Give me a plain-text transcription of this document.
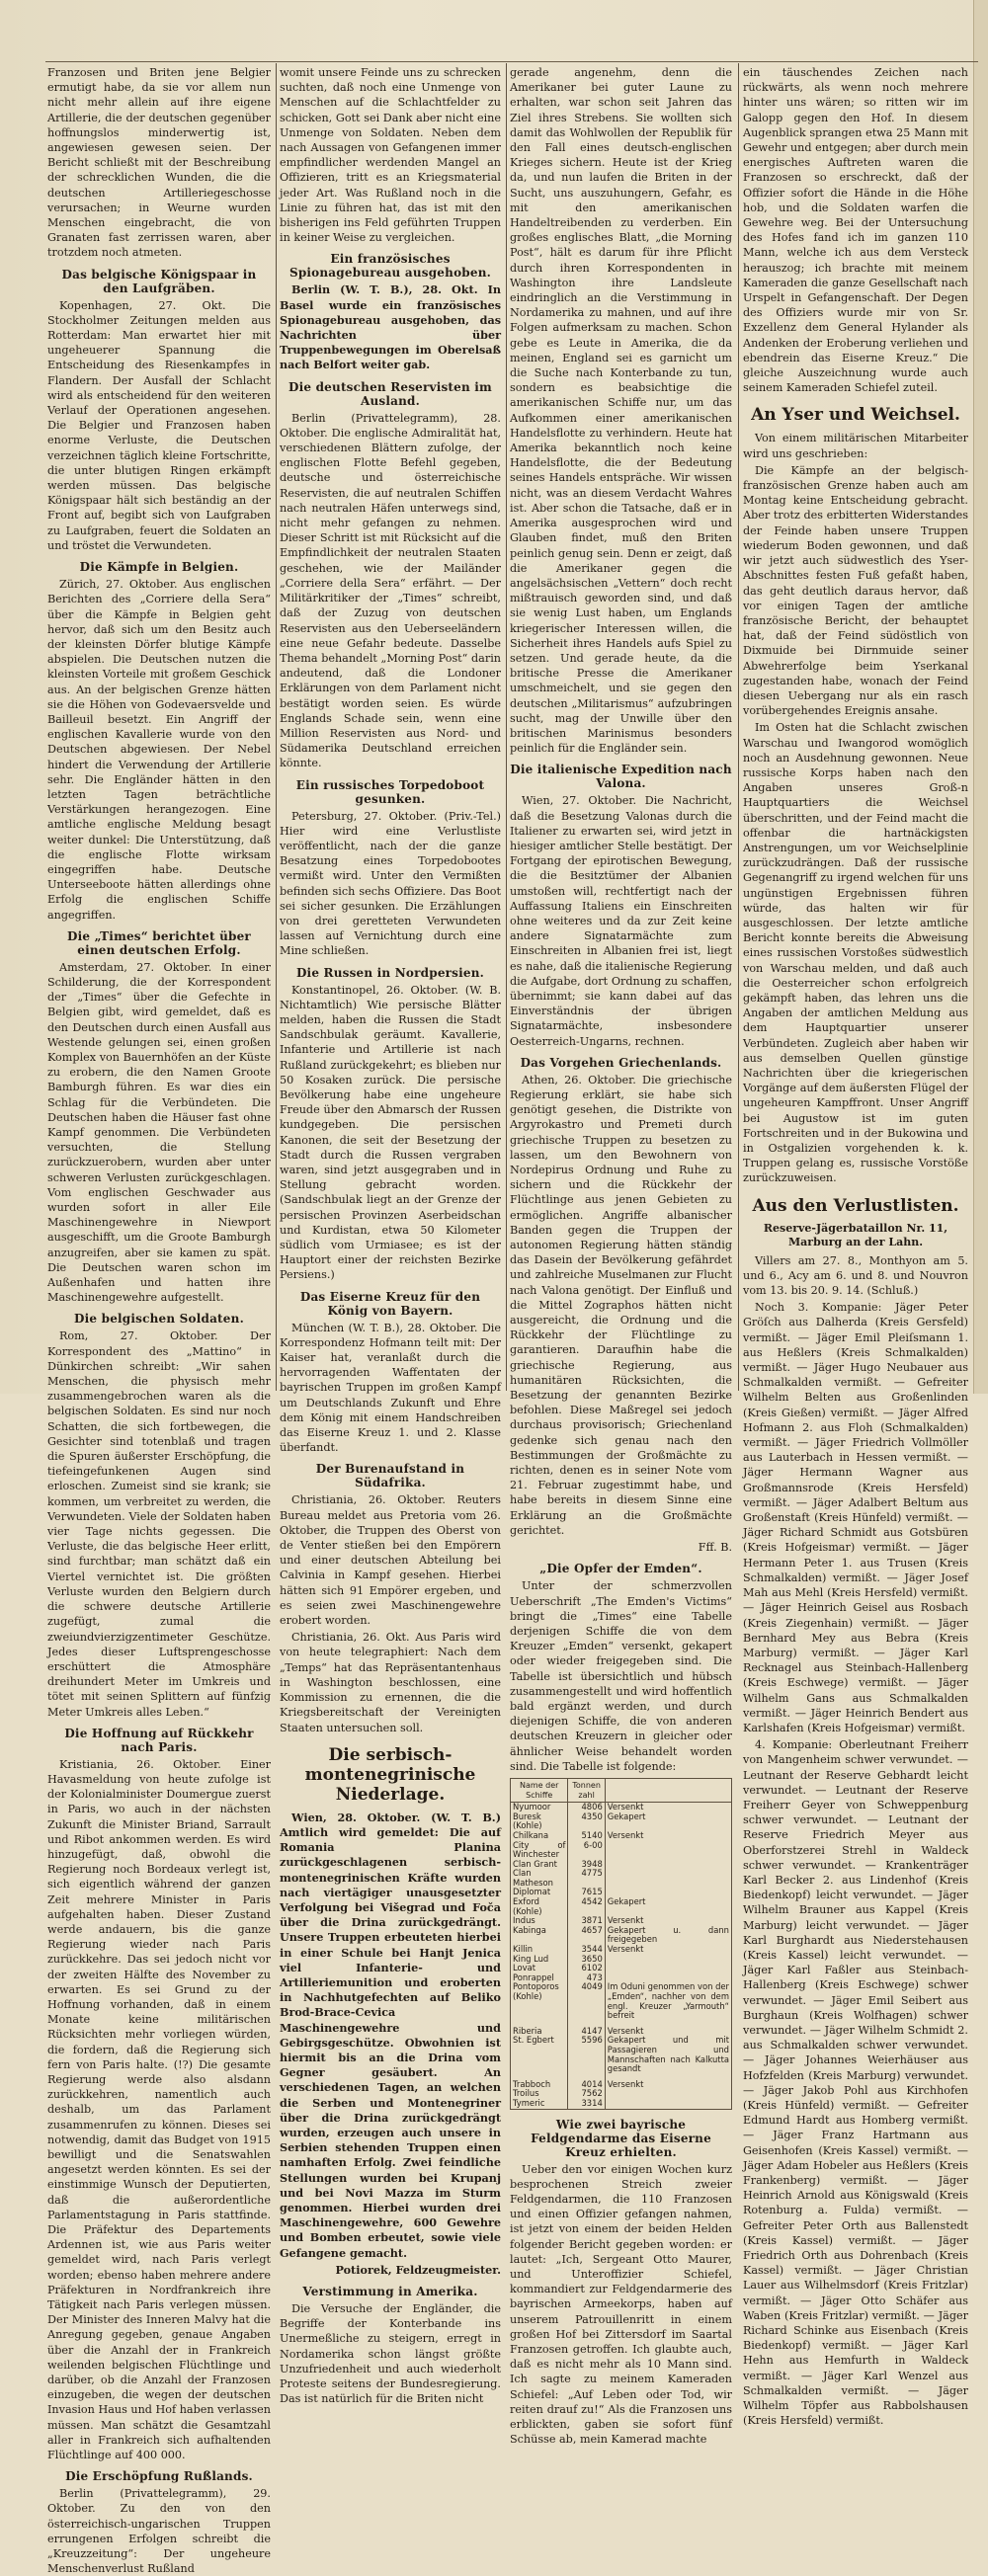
Franzosen und Briten jene Belgier ermutigt habe, da sie vor allem nun nicht mehr allein auf ihre eigene Artillerie, die der deutschen gegenüber hoffnungslos minderwertig ist, angewiesen gewesen seien. Der Bericht schließt mit der Beschreibung der schrecklichen Wunden, die die deutschen Artilleriegeschosse verursachen; in Weurne wurden Menschen eingebracht, die von Granaten fast zerrissen waren, aber trotzdem noch atmeten.

Das belgische Königspaar in den Laufgräben.

Kopenhagen, 27. Okt. Die Stockholmer Zeitungen melden aus Rotterdam: Man erwartet hier mit ungeheuerer Spannung die Entscheidung des Riesenkampfes in Flandern. Der Ausfall der Schlacht wird als entscheidend für den weiteren Verlauf der Operationen angesehen. Die Belgier und Franzosen haben enorme Verluste, die Deutschen verzeichnen täglich kleine Fortschritte, die unter blutigen Ringen erkämpft werden müssen. Das belgische Königspaar hält sich beständig an der Front auf, begibt sich von Laufgraben zu Laufgraben, feuert die Soldaten an und tröstet die Verwundeten.

Die Kämpfe in Belgien.

Zürich, 27. Oktober. Aus englischen Berichten des „Corriere della Sera“ über die Kämpfe in Belgien geht hervor, daß sich um den Besitz auch der kleinsten Dörfer blutige Kämpfe abspielen. Die Deutschen nutzen die kleinsten Vorteile mit großem Geschick aus. An der belgischen Grenze hätten sie die Höhen von Godevaersvelde und Bailleuil besetzt. Ein Angriff der englischen Kavallerie wurde von den Deutschen abgewiesen. Der Nebel hindert die Verwendung der Artillerie sehr. Die Engländer hätten in den letzten Tagen beträchtliche Verstärkungen herangezogen. Eine amtliche englische Meldung besagt weiter dunkel: Die Unterstützung, daß die englische Flotte wirksam eingegriffen habe. Deutsche Unterseeboote hätten allerdings ohne Erfolg die englischen Schiffe angegriffen.

Die „Times“ berichtet über einen deutschen Erfolg.

Amsterdam, 27. Oktober. In einer Schilderung, die der Korrespondent der „Times“ über die Gefechte in Belgien gibt, wird gemeldet, daß es den Deutschen durch einen Ausfall aus Westende gelungen sei, einen großen Komplex von Bauernhöfen an der Küste zu erobern, die den Namen Groote Bamburgh führen. Es war dies ein Schlag für die Verbündeten. Die Deutschen haben die Häuser fast ohne Kampf genommen. Die Verbündeten versuchten, die Stellung zurückzuerobern, wurden aber unter schweren Verlusten zurückgeschlagen. Vom englischen Geschwader aus wurden sofort in aller Eile Maschinengewehre in Niewport ausgeschifft, um die Groote Bamburgh anzugreifen, aber sie kamen zu spät. Die Deutschen waren schon im Außenhafen und hatten ihre Maschinengewehre aufgestellt.

Die belgischen Soldaten.

Rom, 27. Oktober. Der Korrespondent des „Mattino“ in Dünkirchen schreibt: „Wir sahen Menschen, die physisch mehr zusammengebrochen waren als die belgischen Soldaten. Es sind nur noch Schatten, die sich fortbewegen, die Gesichter sind totenblaß und tragen die Spuren äußerster Erschöpfung, die tiefeingefunkenen Augen sind erloschen. Zumeist sind sie krank; sie kommen, um verbreitet zu werden, die Verwundeten. Viele der Soldaten haben vier Tage nichts gegessen. Die Verluste, die das belgische Heer erlitt, sind furchtbar; man schätzt daß ein Viertel vernichtet ist. Die größten Verluste wurden den Belgiern durch die schwere deutsche Artillerie zugefügt, zumal die zweiundvierzigzentimeter Geschütze. Jedes dieser Luftsprengeschosse erschüttert die Atmosphäre dreihundert Meter im Umkreis und tötet mit seinen Splittern auf fünfzig Meter Umkreis alles Leben.“

Die Hoffnung auf Rückkehr nach Paris.

Kristiania, 26. Oktober. Einer Havasmeldung von heute zufolge ist der Kolonialminister Doumergue zuerst in Paris, wo auch in der nächsten Zukunft die Minister Briand, Sarrault und Ribot ankommen werden. Es wird hinzugefügt, daß, obwohl die Regierung noch Bordeaux verlegt ist, sich eigentlich während der ganzen Zeit mehrere Minister in Paris aufgehalten haben. Dieser Zustand werde andauern, bis die ganze Regierung wieder nach Paris zurückkehre. Das sei jedoch nicht vor der zweiten Hälfte des November zu erwarten. Es sei Grund zu der Hoffnung vorhanden, daß in einem Monate keine militärischen Rücksichten mehr vorliegen würden, die fordern, daß die Regierung sich fern von Paris halte. (!?) Die gesamte Regierung werde also alsdann zurückkehren, namentlich auch deshalb, um das Parlament zusammenrufen zu können. Dieses sei notwendig, damit das Budget von 1915 bewilligt und die Senatswahlen angesetzt werden könnten. Es sei der einstimmige Wunsch der Deputierten, daß die außerordentliche Parlamentstagung in Paris stattfinde. Die Präfektur des Departements Ardennen ist, wie aus Paris weiter gemeldet wird, nach Paris verlegt worden; ebenso haben mehrere andere Präfekturen in Nordfrankreich ihre Tätigkeit nach Paris verlegen müssen. Der Minister des Inneren Malvy hat die Anregung gegeben, genaue Angaben über die Anzahl der in Frankreich weilenden belgischen Flüchtlinge und darüber, ob die Anzahl der Franzosen einzugeben, die wegen der deutschen Invasion Haus und Hof haben verlassen müssen. Man schätzt die Gesamtzahl aller in Frankreich sich aufhaltenden Flüchtlinge auf 400 000.

Die Erschöpfung Rußlands.

Berlin (Privattelegramm), 29. Oktober. Zu den von den österreichisch-ungarischen Truppen errungenen Erfolgen schreibt die „Kreuzzeitung“: Der ungeheure Menschenverlust Rußland

womit unsere Feinde uns zu schrecken suchten, daß noch eine Unmenge von Menschen auf die Schlachtfelder zu schicken, Gott sei Dank aber nicht eine Unmenge von Soldaten. Neben dem nach Aussagen von Gefangenen immer empfindlicher werdenden Mangel an Offizieren, tritt es an Kriegsmaterial jeder Art. Was Rußland noch in die Linie zu führen hat, das ist mit den bisherigen ins Feld geführten Truppen in keiner Weise zu vergleichen.

Ein französisches Spionagebureau ausgehoben.

Berlin (W. T. B.), 28. Okt. In Basel wurde ein französisches Spionagebureau ausgehoben, das Nachrichten über Truppenbewegungen im Oberelsaß nach Belfort weiter gab.

Die deutschen Reservisten im Ausland.

Berlin (Privattelegramm), 28. Oktober. Die englische Admiralität hat, verschiedenen Blättern zufolge, der englischen Flotte Befehl gegeben, deutsche und österreichische Reservisten, die auf neutralen Schiffen nach neutralen Häfen unterwegs sind, nicht mehr gefangen zu nehmen. Dieser Schritt ist mit Rücksicht auf die Empfindlichkeit der neutralen Staaten geschehen, wie der Mailänder „Corriere della Sera“ erfährt. — Der Militärkritiker der „Times“ schreibt, daß der Zuzug von deutschen Reservisten aus den Ueberseeländern eine neue Gefahr bedeute. Dasselbe Thema behandelt „Morning Post“ darin andeutend, daß die Londoner Erklärungen von dem Parlament nicht bestätigt worden seien. Es würde Englands Schade sein, wenn eine Million Reservisten aus Nord- und Südamerika Deutschland erreichen könnte.

Ein russisches Torpedoboot gesunken.

Petersburg, 27. Oktober. (Priv.-Tel.) Hier wird eine Verlustliste veröffentlicht, nach der die ganze Besatzung eines Torpedobootes vermißt wird. Unter den Vermißten befinden sich sechs Offiziere. Das Boot sei sicher gesunken. Die Erzählungen von drei geretteten Verwundeten lassen auf Vernichtung durch eine Mine schließen.

Die Russen in Nordpersien.

Konstantinopel, 26. Oktober. (W. B. Nichtamtlich) Wie persische Blätter melden, haben die Russen die Stadt Sandschbulak geräumt. Kavallerie, Infanterie und Artillerie ist nach Rußland zurückgekehrt; es blieben nur 50 Kosaken zurück. Die persische Bevölkerung habe eine ungeheure Freude über den Abmarsch der Russen kundgegeben. Die persischen Kanonen, die seit der Besetzung der Stadt durch die Russen vergraben waren, sind jetzt ausgegraben und in Stellung gebracht worden. (Sandschbulak liegt an der Grenze der persischen Provinzen Aserbeidschan und Kurdistan, etwa 50 Kilometer südlich vom Urmiasee; es ist der Hauptort einer der reichsten Bezirke Persiens.)

Das Eiserne Kreuz für den König von Bayern.

München (W. T. B.), 28. Oktober. Die Korrespondenz Hofmann teilt mit: Der Kaiser hat, veranlaßt durch die hervorragenden Waffentaten der bayrischen Truppen im großen Kampf um Deutschlands Zukunft und Ehre dem König mit einem Handschreiben das Eiserne Kreuz 1. und 2. Klasse überfandt.

Der Burenaufstand in Südafrika.

Christiania, 26. Oktober. Reuters Bureau meldet aus Pretoria vom 26. Oktober, die Truppen des Oberst von de Venter stießen bei den Empörern und einer deutschen Abteilung bei Calvinia in Kampf gesehen. Hierbei hätten sich 91 Empörer ergeben, und es seien zwei Maschinengewehre erobert worden.

Christiania, 26. Okt. Aus Paris wird von heute telegraphiert: Nach dem „Temps“ hat das Repräsentantenhaus in Washington beschlossen, eine Kommission zu ernennen, die die Kriegsbereitschaft der Vereinigten Staaten untersuchen soll.

Die serbisch-montenegrinische Niederlage.

Wien, 28. Oktober. (W. T. B.) Amtlich wird gemeldet: Die auf Romania Planina zurückgeschlagenen serbisch-montenegrinischen Kräfte wurden nach viertägiger unausgesetzter Verfolgung bei Višegrad und Foča über die Drina zurückgedrängt. Unsere Truppen erbeuteten hierbei in einer Schule bei Hanjt Jenica viel Infanterie- und Artilleriemunition und eroberten in Nachhutgefechten auf Beliko Brod-Brace-Cevica Maschinengewehre und Gebirgsgeschütze. Obwohnien ist hiermit bis an die Drina vom Gegner gesäubert. An verschiedenen Tagen, an welchen die Serben und Montenegriner über die Drina zurückgedrängt wurden, erzeugen auch unsere in Serbien stehenden Truppen einen namhaften Erfolg. Zwei feindliche Stellungen wurden bei Krupanj und bei Novi Mazza im Sturm genommen. Hierbei wurden drei Maschinengewehre, 600 Gewehre und Bomben erbeutet, sowie viele Gefangene gemacht.

Potiorek, Feldzeugmeister.

Verstimmung in Amerika.

Die Versuche der Engländer, die Begriffe der Konterbande ins Unermeßliche zu steigern, erregt in Nordamerika schon längst größte Unzufriedenheit und auch wiederholt Proteste seitens der Bundesregierung. Das ist natürlich für die Briten nicht

gerade angenehm, denn die Amerikaner bei guter Laune zu erhalten, war schon seit Jahren das Ziel ihres Strebens. Sie wollten sich damit das Wohlwollen der Republik für den Fall eines deutsch-englischen Krieges sichern. Heute ist der Krieg da, und nun laufen die Briten in der Sucht, uns auszuhungern, Gefahr, es mit den amerikanischen Handeltreibenden zu verderben. Ein großes englisches Blatt, „die Morning Post“, hält es darum für ihre Pflicht durch ihren Korrespondenten in Washington ihre Landsleute eindringlich an die Verstimmung in Nordamerika zu mahnen, und auf ihre Folgen aufmerksam zu machen. Schon gebe es Leute in Amerika, die da meinen, England sei es garnicht um die Suche nach Konterbande zu tun, sondern es beabsichtige die amerikanischen Schiffe nur, um das Aufkommen einer amerikanischen Handelsflotte zu verhindern. Heute hat Amerika bekanntlich noch keine Handelsflotte, die der Bedeutung seines Handels entspräche. Wir wissen nicht, was an diesem Verdacht Wahres ist. Aber schon die Tatsache, daß er in Amerika ausgesprochen wird und Glauben findet, muß den Briten peinlich genug sein. Denn er zeigt, daß die Amerikaner gegen die angelsächsischen „Vettern“ doch recht mißtrauisch geworden sind, und daß sie wenig Lust haben, um Englands kriegerischer Interessen willen, die Sicherheit ihres Handels aufs Spiel zu setzen. Und gerade heute, da die britische Presse die Amerikaner umschmeichelt, und sie gegen den deutschen „Militarismus“ aufzubringen sucht, mag der Unwille über den britischen Marinismus besonders peinlich für die Engländer sein.

Die italienische Expedition nach Valona.

Wien, 27. Oktober. Die Nachricht, daß die Besetzung Valonas durch die Italiener zu erwarten sei, wird jetzt in hiesiger amtlicher Stelle bestätigt. Der Fortgang der epirotischen Bewegung, die die Besitztümer der Albanien umstoßen will, rechtfertigt nach der Auffassung Italiens ein Einschreiten ohne weiteres und da zur Zeit keine andere Signatarmächte zum Einschreiten in Albanien frei ist, liegt es nahe, daß die italienische Regierung die Aufgabe, dort Ordnung zu schaffen, übernimmt; sie kann dabei auf das Einverständnis der übrigen Signatarmächte, insbesondere Oesterreich-Ungarns, rechnen.

Das Vorgehen Griechenlands.

Athen, 26. Oktober. Die griechische Regierung erklärt, sie habe sich genötigt gesehen, die Distrikte von Argyrokastro und Premeti durch griechische Truppen zu besetzen zu lassen, um den Bewohnern von Nordepirus Ordnung und Ruhe zu sichern und die Rückkehr der Flüchtlinge aus jenen Gebieten zu ermöglichen. Angriffe albanischer Banden gegen die Truppen der autonomen Regierung hätten ständig das Dasein der Bevölkerung gefährdet und zahlreiche Muselmanen zur Flucht nach Valona genötigt. Der Einfluß und die Mittel Zographos hätten nicht ausgereicht, die Ordnung und die Rückkehr der Flüchtlinge zu garantieren. Daraufhin habe die griechische Regierung, aus humanitären Rücksichten, die Besetzung der genannten Bezirke befohlen. Diese Maßregel sei jedoch durchaus provisorisch; Griechenland gedenke sich genau nach den Bestimmungen der Großmächte zu richten, denen es in seiner Note vom 21. Februar zugestimmt habe, und habe bereits in diesem Sinne eine Erklärung an die Großmächte gerichtet.

Fff. B.

„Die Opfer der Emden“.

Unter der schmerzvollen Ueberschrift „The Emden's Victims“ bringt die „Times“ eine Tabelle derjenigen Schiffe die von dem Kreuzer „Emden“ versenkt, gekapert oder wieder freigegeben sind. Die Tabelle ist übersichtlich und hübsch zusammengestellt und wird hoffentlich bald ergänzt werden, und durch diejenigen Schiffe, die von anderen deutschen Kreuzern in gleicher oder ähnlicher Weise behandelt worden sind. Die Tabelle ist folgende:

Name der Schiffe	Tonnen zahl	
Nyumoor	4806	Versenkt
Buresk (Kohle)	4350	Gekapert
Chilkana	5140	Versenkt
City of Winchester	6-00	
Clan Grant	3948	
Clan Matheson	4775	
Diplomat	7615	
Exford (Kohle)	4542	Gekapert
Indus	3871	Versenkt
Kabinga	4657	Gekapert u. dann freigegeben
Killin	3544	Versenkt
King Lud	3650	
Lovat	6102	
Ponrappel	473	
Pontoporos (Kohle)	4049	Im Oduni genommen von der „Emden“, nachher von dem engl. Kreuzer „Yarmouth“ befreit

Riberia	4147	Versenkt
St. Egbert	5596	Gekapert und mit Passagieren und Mannschaften nach Kalkutta gesandt

Trabboch	4014	Versenkt
Troilus	7562	
Tymeric	3314	
Wie zwei bayrische Feldgendarme das Eiserne Kreuz erhielten.

Ueber den vor einigen Wochen kurz besprochenen Streich zweier Feldgendarmen, die 110 Franzosen und einen Offizier gefangen nahmen, ist jetzt von einem der beiden Helden folgender Bericht gegeben worden: er lautet: „Ich, Sergeant Otto Maurer, und Unteroffizier Schiefel, kommandiert zur Feldgendarmerie des bayrischen Armeekorps, haben auf unserem Patrouillenritt in einem großen Hof bei Zittersdorf im Saartal Franzosen getroffen. Ich glaubte auch, daß es nicht mehr als 10 Mann sind. Ich sagte zu meinem Kameraden Schiefel: „Auf Leben oder Tod, wir reiten drauf zu!“ Als die Franzosen uns erblickten, gaben sie sofort fünf Schüsse ab, mein Kamerad machte

ein täuschendes Zeichen nach rückwärts, als wenn noch mehrere hinter uns wären; so ritten wir im Galopp gegen den Hof. In diesem Augenblick sprangen etwa 25 Mann mit Gewehr und entgegen; aber durch mein energisches Auftreten waren die Franzosen so erschreckt, daß der Offizier sofort die Hände in die Höhe hob, und die Soldaten warfen die Gewehre weg. Bei der Untersuchung des Hofes fand ich im ganzen 110 Mann, welche ich aus dem Versteck herauszog; ich brachte mit meinem Kameraden die ganze Gesellschaft nach Urspelt in Gefangenschaft. Der Degen des Offiziers wurde mir von Sr. Exzellenz dem General Hylander als Andenken der Eroberung verliehen und ebendrein das Eiserne Kreuz.“ Die gleiche Auszeichnung wurde auch seinem Kameraden Schiefel zuteil.

An Yser und Weichsel.

Von einem militärischen Mitarbeiter wird uns geschrieben:

Die Kämpfe an der belgisch-französischen Grenze haben auch am Montag keine Entscheidung gebracht. Aber trotz des erbitterten Widerstandes der Feinde haben unsere Truppen wiederum Boden gewonnen, und daß wir jetzt auch südwestlich des Yser-Abschnittes festen Fuß gefaßt haben, das geht deutlich daraus hervor, daß vor einigen Tagen der amtliche französische Bericht, der behauptet hat, daß der Feind südöstlich von Dixmuide bei Dirnmuide seiner Abwehrerfolge beim Yserkanal zugestanden habe, wonach der Feind diesen Uebergang nur als ein rasch vorübergehendes Ereignis ansahe.

Im Osten hat die Schlacht zwischen Warschau und Iwangorod womöglich noch an Ausdehnung gewonnen. Neue russische Korps haben nach den Angaben unseres Groß-n Hauptquartiers die Weichsel überschritten, und der Feind macht die offenbar die hartnäckigsten Anstrengungen, um vor Weichselplinie zurückzudrängen. Daß der russische Gegenangriff zu irgend welchen für uns ungünstigen Ergebnissen führen würde, das halten wir für ausgeschlossen. Der letzte amtliche Bericht konnte bereits die Abweisung eines russischen Vorstoßes südwestlich von Warschau melden, und daß auch die Oesterreicher schon erfolgreich gekämpft haben, das lehren uns die Angaben der amtlichen Meldung aus dem Hauptquartier unserer Verbündeten. Zugleich aber haben wir aus demselben Quellen günstige Nachrichten über die kriegerischen Vorgänge auf dem äußersten Flügel der ungeheuren Kampffront. Unser Angriff bei Augustow ist im guten Fortschreiten und in der Bukowina und in Ostgalizien vorgehenden k. k. Truppen gelang es, russische Vorstöße zurückzuweisen.

Aus den Verlustlisten.
Reserve-Jägerbataillon Nr. 11, Marburg an der Lahn.

Villers am 27. 8., Monthyon am 5. und 6., Acy am 6. und 8. und Nouvron vom 13. bis 20. 9. 14. (Schluß.)

Noch 3. Kompanie: Jäger Peter Gröſch aus Dalherda (Kreis Gersfeld) vermißt. — Jäger Emil Pleiſsmann 1. aus Heßlers (Kreis Schmalkalden) vermißt. — Jäger Hugo Neubauer aus Schmalkalden vermißt. — Gefreiter Wilhelm Belten aus Großenlinden (Kreis Gießen) vermißt. — Jäger Alfred Hofmann 2. aus Floh (Schmalkalden) vermißt. — Jäger Friedrich Vollmöller aus Lauterbach in Hessen vermißt. — Jäger Hermann Wagner aus Großmannsrode (Kreis Hersfeld) vermißt. — Jäger Adalbert Beltum aus Großenstaft (Kreis Hünfeld) vermißt. — Jäger Richard Schmidt aus Gotsbüren (Kreis Hofgeismar) vermißt. — Jäger Hermann Peter 1. aus Trusen (Kreis Schmalkalden) vermißt. — Jäger Josef Mah aus Mehl (Kreis Hersfeld) vermißt. — Jäger Heinrich Geisel aus Rosbach (Kreis Ziegenhain) vermißt. — Jäger Bernhard Mey aus Bebra (Kreis Marburg) vermißt. — Jäger Karl Recknagel aus Steinbach-Hallenberg (Kreis Eschwege) vermißt. — Jäger Wilhelm Gans aus Schmalkalden vermißt. — Jäger Heinrich Bendert aus Karlshafen (Kreis Hofgeismar) vermißt.

4. Kompanie: Oberleutnant Freiherr von Mangenheim schwer verwundet. — Leutnant der Reserve Gebhardt leicht verwundet. — Leutnant der Reserve Freiherr Geyer von Schweppenburg schwer verwundet. — Leutnant der Reserve Friedrich Meyer aus Oberforstzerei Strehl in Waldeck schwer verwundet. — Krankenträger Karl Becker 2. aus Lindenhof (Kreis Biedenkopf) leicht verwundet. — Jäger Wilhelm Brauner aus Kappel (Kreis Marburg) leicht verwundet. — Jäger Karl Burghardt aus Niederstehausen (Kreis Kassel) leicht verwundet. — Jäger Karl Faßler aus Steinbach-Hallenberg (Kreis Eschwege) schwer verwundet. — Jäger Emil Seibert aus Burghaun (Kreis Wolfhagen) schwer verwundet. — Jäger Wilhelm Schmidt 2. aus Schmalkalden schwer verwundet. — Jäger Johannes Weierhäuser aus Hofzfelden (Kreis Marburg) verwundet. — Jäger Jakob Pohl aus Kirchhofen (Kreis Hünfeld) vermißt. — Gefreiter Edmund Hardt aus Homberg vermißt. — Jäger Franz Hartmann aus Geisenhofen (Kreis Kassel) vermißt. — Jäger Adam Hobeler aus Heßlers (Kreis Frankenberg) vermißt. — Jäger Heinrich Arnold aus Königswald (Kreis Rotenburg a. Fulda) vermißt. — Gefreiter Peter Orth aus Ballenstedt (Kreis Kassel) vermißt. — Jäger Friedrich Orth aus Dohrenbach (Kreis Kassel) vermißt. — Jäger Christian Lauer aus Wilhelmsdorf (Kreis Fritzlar) vermißt. — Jäger Otto Schäfer aus Waben (Kreis Fritzlar) vermißt. — Jäger Richard Schinke aus Eisenbach (Kreis Biedenkopf) vermißt. — Jäger Karl Hehn aus Hemfurth in Waldeck vermißt. — Jäger Karl Wenzel aus Schmalkalden vermißt. — Jäger Wilhelm Töpfer aus Rabbolshausen (Kreis Hersfeld) vermißt.
